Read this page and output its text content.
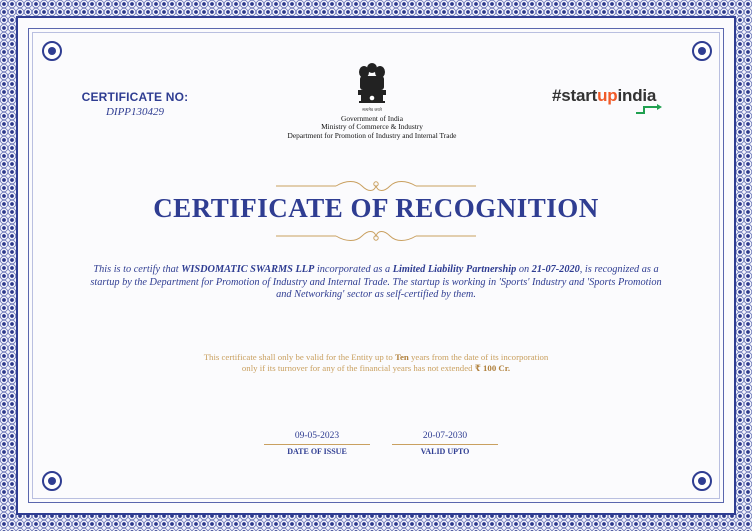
CERTIFICATE NO:
DIPP130429	सत्यमेव जयते
Government of India
Ministry of Commerce & Industry
Department for Promotion of Industry and Internal Trade
#startupindia
CERTIFICATE OF RECOGNITION
This is to certify that WISDOMATIC SWARMS LLP incorporated as a Limited Liability Partnership on 21-07-2020, is recognized as a startup by the Department for Promotion of Industry and Internal Trade. The startup is working in 'Sports' Industry and 'Sports Promotion and Networking' sector as self-certified by them.
This certificate shall only be valid for the Entity up to Ten years from the date of its incorporation
only if its turnover for any of the financial years has not extended ₹ 100 Cr.
09-05-2023
DATE OF ISSUE
20-07-2030
VALID UPTO
